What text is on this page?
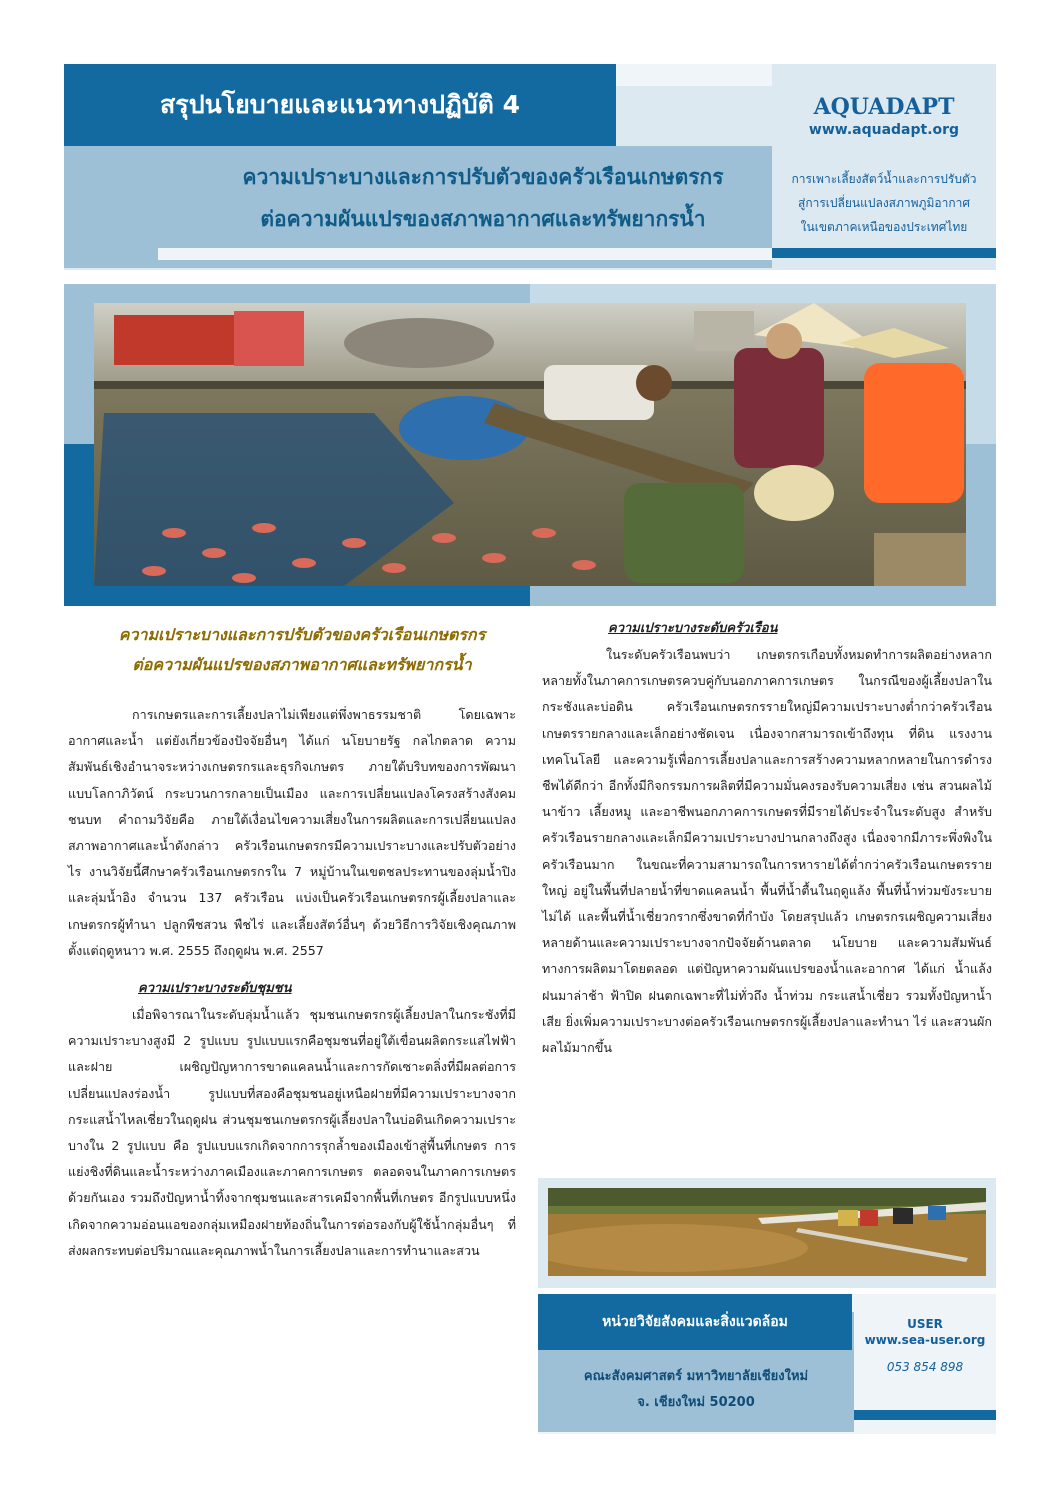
สรุปนโยบายและแนวทางปฏิบัติ 4
ความเปราะบางและการปรับตัวของครัวเรือนเกษตรกร
ต่อความผันแปรของสภาพอากาศและทรัพยากรน้ำ
AQUADAPT
www.aquadapt.org
การเพาะเลี้ยงสัตว์น้ำและการปรับตัว
สู่การเปลี่ยนแปลงสภาพภูมิอากาศ
ในเขตภาคเหนือของประเทศไทย
ความเปราะบางและการปรับตัวของครัวเรือนเกษตรกร
ต่อความผันแปรของสภาพอากาศและทรัพยากรน้ำ

การเกษตรและการเลี้ยงปลาไม่เพียงแต่พึ่งพาธรรมชาติ โดยเฉพาะอากาศและน้ำ แต่ยังเกี่ยวข้องปัจจัยอื่นๆ ได้แก่ นโยบายรัฐ กลไกตลาด ความสัมพันธ์เชิงอำนาจระหว่างเกษตรกรและธุรกิจเกษตร ภายใต้บริบทของการพัฒนาแบบโลกาภิวัตน์ กระบวนการกลายเป็นเมือง และการเปลี่ยนแปลงโครงสร้างสังคมชนบท คำถามวิจัยคือ ภายใต้เงื่อนไขความเสี่ยงในการผลิตและการเปลี่ยนแปลงสภาพอากาศและน้ำดังกล่าว ครัวเรือนเกษตรกรมีความเปราะบางและปรับตัวอย่างไร งานวิจัยนี้ศึกษาครัวเรือนเกษตรกรใน 7 หมู่บ้านในเขตชลประทานของลุ่มน้ำปิงและลุ่มน้ำอิง จำนวน 137 ครัวเรือน แบ่งเป็นครัวเรือนเกษตรกรผู้เลี้ยงปลาและเกษตรกรผู้ทำนา ปลูกพืชสวน พืชไร่ และเลี้ยงสัตว์อื่นๆ ด้วยวิธีการวิจัยเชิงคุณภาพ ตั้งแต่ฤดูหนาว พ.ศ. 2555 ถึงฤดูฝน พ.ศ. 2557

ความเปราะบางระดับชุมชน

เมื่อพิจารณาในระดับลุ่มน้ำแล้ว ชุมชนเกษตรกรผู้เลี้ยงปลาในกระชังที่มีความเปราะบางสูงมี 2 รูปแบบ รูปแบบแรกคือชุมชนที่อยู่ใต้เขื่อนผลิตกระแสไฟฟ้าและฝาย เผชิญปัญหาการขาดแคลนน้ำและการกัดเซาะตลิ่งที่มีผลต่อการเปลี่ยนแปลงร่องน้ำ รูปแบบที่สองคือชุมชนอยู่เหนือฝายที่มีความเปราะบางจากกระแสน้ำไหลเชี่ยวในฤดูฝน ส่วนชุมชนเกษตรกรผู้เลี้ยงปลาในบ่อดินเกิดความเปราะบางใน 2 รูปแบบ คือ รูปแบบแรกเกิดจากการรุกล้ำของเมืองเข้าสู่พื้นที่เกษตร การแย่งชิงที่ดินและน้ำระหว่างภาคเมืองและภาคการเกษตร ตลอดจนในภาคการเกษตรด้วยกันเอง รวมถึงปัญหาน้ำทิ้งจากชุมชนและสารเคมีจากพื้นที่เกษตร อีกรูปแบบหนึ่งเกิดจากความอ่อนแอของกลุ่มเหมืองฝายท้องถิ่นในการต่อรองกับผู้ใช้น้ำกลุ่มอื่นๆ ที่ส่งผลกระทบต่อปริมาณและคุณภาพน้ำในการเลี้ยงปลาและการทำนาและสวน

ความเปราะบางระดับครัวเรือน

ในระดับครัวเรือนพบว่า เกษตรกรเกือบทั้งหมดทำการผลิตอย่างหลากหลายทั้งในภาคการเกษตรควบคู่กับนอกภาคการเกษตร ในกรณีของผู้เลี้ยงปลาในกระชังและบ่อดิน ครัวเรือนเกษตรกรรายใหญ่มีความเปราะบางต่ำกว่าครัวเรือนเกษตรรายกลางและเล็กอย่างชัดเจน เนื่องจากสามารถเข้าถึงทุน ที่ดิน แรงงาน เทคโนโลยี และความรู้เพื่อการเลี้ยงปลาและการสร้างความหลากหลายในการดำรงชีพได้ดีกว่า อีกทั้งมีกิจกรรมการผลิตที่มีความมั่นคงรองรับความเสี่ยง เช่น สวนผลไม้ นาข้าว เลี้ยงหมู และอาชีพนอกภาคการเกษตรที่มีรายได้ประจำในระดับสูง สำหรับครัวเรือนรายกลางและเล็กมีความเปราะบางปานกลางถึงสูง เนื่องจากมีภาระพึ่งพิงในครัวเรือนมาก ในขณะที่ความสามารถในการหารายได้ต่ำกว่าครัวเรือนเกษตรรายใหญ่ อยู่ในพื้นที่ปลายน้ำที่ขาดแคลนน้ำ พื้นที่น้ำตื้นในฤดูแล้ง พื้นที่น้ำท่วมขังระบายไม่ได้ และพื้นที่น้ำเชี่ยวกรากซึ่งขาดที่กำบัง โดยสรุปแล้ว เกษตรกรเผชิญความเสี่ยงหลายด้านและความเปราะบางจากปัจจัยด้านตลาด นโยบาย และความสัมพันธ์ทางการผลิตมาโดยตลอด แต่ปัญหาความผันแปรของน้ำและอากาศ ได้แก่ น้ำแล้ง ฝนมาล่าช้า ฟ้าปิด ฝนตกเฉพาะที่ไม่ทั่วถึง น้ำท่วม กระแสน้ำเชี่ยว รวมทั้งปัญหาน้ำเสีย ยิ่งเพิ่มความเปราะบางต่อครัวเรือนเกษตรกรผู้เลี้ยงปลาและทำนา ไร่ และสวนผักผลไม้มากขึ้น

หน่วยวิจัยสังคมและสิ่งแวดล้อม
คณะสังคมศาสตร์ มหาวิทยาลัยเชียงใหม่
จ. เชียงใหม่ 50200
USER
www.sea-user.org
053 854 898
